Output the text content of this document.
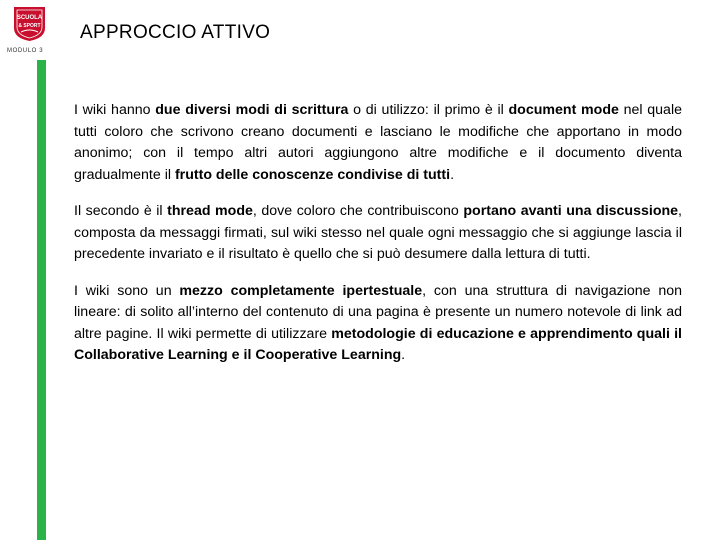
SCUOLA
& SPORT
MODULO 3
APPROCCIO ATTIVO

I wiki hanno due diversi modi di scrittura o di utilizzo: il primo è il document mode nel quale tutti coloro che scrivono creano documenti e lasciano le modifiche che apportano in modo anonimo; con il tempo altri autori aggiungono altre modifiche e il documento diventa gradualmente il frutto delle conoscenze condivise di tutti.

Il secondo è il thread mode, dove coloro che contribuiscono portano avanti una discussione, composta da messaggi firmati, sul wiki stesso nel quale ogni messaggio che si aggiunge lascia il precedente invariato e il risultato è quello che si può desumere dalla lettura di tutti.

I wiki sono un mezzo completamente ipertestuale, con una struttura di navigazione non lineare: di solito all’interno del contenuto di una pagina è presente un numero notevole di link ad altre pagine. Il wiki permette di utilizzare metodologie di educazione e apprendimento quali il Collaborative Learning e il Cooperative Learning.
